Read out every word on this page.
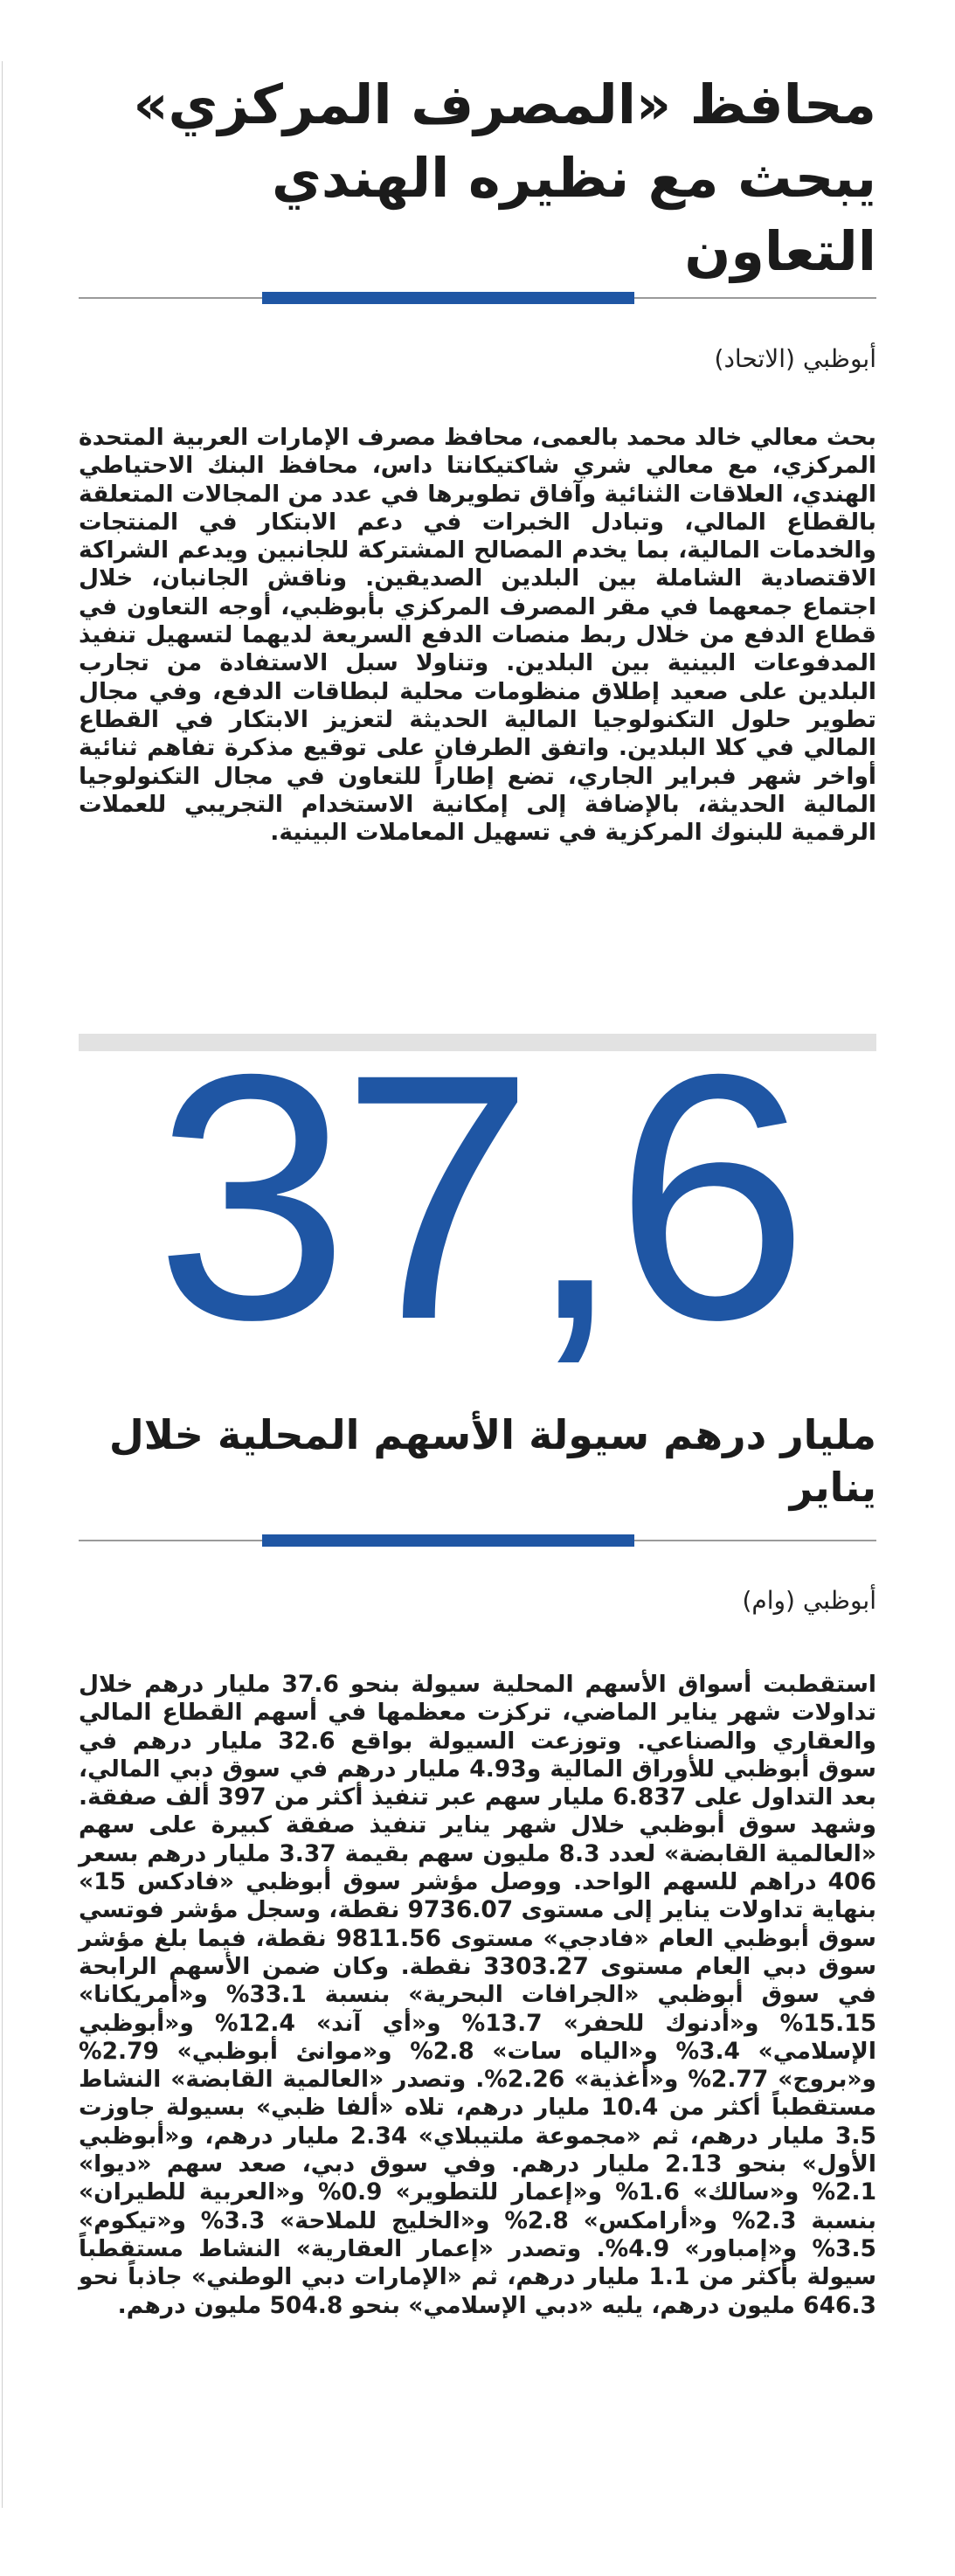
محافظ «المصرف المركزي» يبحث مع نظيره الهندي التعاون
أبوظبي (الاتحاد)
بحث معالي خالد محمد بالعمى، محافظ مصرف الإمارات العربية المتحدة المركزي، مع معالي شري شاكتيكانتا داس، محافظ البنك الاحتياطي الهندي، العلاقات الثنائية وآفاق تطويرها في عدد من المجالات المتعلقة بالقطاع المالي، وتبادل الخبرات في دعم الابتكار في المنتجات والخدمات المالية، بما يخدم المصالح المشتركة للجانبين ويدعم الشراكة الاقتصادية الشاملة بين البلدين الصديقين. وناقش الجانبان، خلال اجتماع جمعهما في مقر المصرف المركزي بأبوظبي، أوجه التعاون في قطاع الدفع من خلال ربط منصات الدفع السريعة لديهما لتسهيل تنفيذ المدفوعات البينية بين البلدين. وتناولا سبل الاستفادة من تجارب البلدين على صعيد إطلاق منظومات محلية لبطاقات الدفع، وفي مجال تطوير حلول التكنولوجيا المالية الحديثة لتعزيز الابتكار في القطاع المالي في كلا البلدين. واتفق الطرفان على توقيع مذكرة تفاهم ثنائية أواخر شهر فبراير الجاري، تضع إطاراً للتعاون في مجال التكنولوجيا المالية الحديثة، بالإضافة إلى إمكانية الاستخدام التجريبي للعملات الرقمية للبنوك المركزية في تسهيل المعاملات البينية.
37,6
مليار درهم سيولة الأسهم المحلية خلال يناير
أبوظبي (وام)
استقطبت أسواق الأسهم المحلية سيولة بنحو 37.6 مليار درهم خلال تداولات شهر يناير الماضي، تركزت معظمها في أسهم القطاع المالي والعقاري والصناعي. وتوزعت السيولة بواقع 32.6 مليار درهم في سوق أبوظبي للأوراق المالية و4.93 مليار درهم في سوق دبي المالي، بعد التداول على 6.837 مليار سهم عبر تنفيذ أكثر من 397 ألف صفقة. وشهد سوق أبوظبي خلال شهر يناير تنفيذ صفقة كبيرة على سهم «العالمية القابضة» لعدد 8.3 مليون سهم بقيمة 3.37 مليار درهم بسعر 406 دراهم للسهم الواحد. ووصل مؤشر سوق أبوظبي «فادكس 15» بنهاية تداولات يناير إلى مستوى 9736.07 نقطة، وسجل مؤشر فوتسي سوق أبوظبي العام «فادجي» مستوى 9811.56 نقطة، فيما بلغ مؤشر سوق دبي العام مستوى 3303.27 نقطة. وكان ضمن الأسهم الرابحة في سوق أبوظبي «الجرافات البحرية» بنسبة 33.1% و«أمريكانا» 15.15% و«أدنوك للحفر» 13.7% و«أي آند» 12.4% و«أبوظبي الإسلامي» 3.4% و«الياه سات» 2.8% و«موانئ أبوظبي» 2.79% و«بروج» 2.77% و«أغذية» 2.26%. وتصدر «العالمية القابضة» النشاط مستقطباً أكثر من 10.4 مليار درهم، تلاه «ألفا ظبي» بسيولة جاوزت 3.5 مليار درهم، ثم «مجموعة ملتيبلاي» 2.34 مليار درهم، و«أبوظبي الأول» بنحو 2.13 مليار درهم. وفي سوق دبي، صعد سهم «ديوا» 2.1% و«سالك» 1.6% و«إعمار للتطوير» 0.9% و«العربية للطيران» بنسبة 2.3% و«أرامكس» 2.8% و«الخليج للملاحة» 3.3% و«تيكوم» 3.5% و«إمباور» 4.9%. وتصدر «إعمار العقارية» النشاط مستقطباً سيولة بأكثر من 1.1 مليار درهم، ثم «الإمارات دبي الوطني» جاذباً نحو 646.3 مليون درهم، يليه «دبي الإسلامي» بنحو 504.8 مليون درهم.
